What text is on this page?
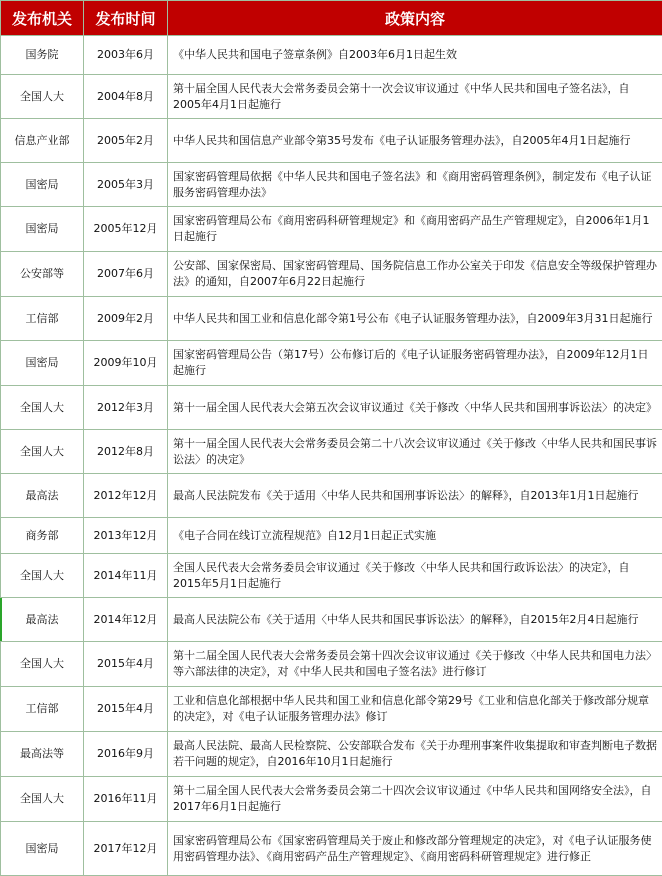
发布机关	发布时间	政策内容
国务院	2003年6月	《中华人民共和国电子签章条例》自2003年6月1日起生效
全国人大	2004年8月	第十届全国人民代表大会常务委员会第十一次会议审议通过《中华人民共和国电子签名法》，自2005年4月1日起施行
信息产业部	2005年2月	中华人民共和国信息产业部令第35号发布《电子认证服务管理办法》，自2005年4月1日起施行
国密局	2005年3月	国家密码管理局依据《中华人民共和国电子签名法》和《商用密码管理条例》，制定发布《电子认证服务密码管理办法》
国密局	2005年12月	国家密码管理局公布《商用密码科研管理规定》和《商用密码产品生产管理规定》，自2006年1月1日起施行
公安部等	2007年6月	公安部、国家保密局、国家密码管理局、国务院信息工作办公室关于印发《信息安全等级保护管理办法》的通知，自2007年6月22日起施行
工信部	2009年2月	中华人民共和国工业和信息化部令第1号公布《电子认证服务管理办法》，自2009年3月31日起施行
国密局	2009年10月	国家密码管理局公告（第17号）公布修订后的《电子认证服务密码管理办法》，自2009年12月1日起施行
全国人大	2012年3月	第十一届全国人民代表大会第五次会议审议通过《关于修改〈中华人民共和国刑事诉讼法〉的决定》
全国人大	2012年8月	第十一届全国人民代表大会常务委员会第二十八次会议审议通过《关于修改〈中华人民共和国民事诉讼法〉的决定》
最高法	2012年12月	最高人民法院发布《关于适用〈中华人民共和国刑事诉讼法〉的解释》，自2013年1月1日起施行
商务部	2013年12月	《电子合同在线订立流程规范》自12月1日起正式实施
全国人大	2014年11月	全国人民代表大会常务委员会审议通过《关于修改〈中华人民共和国行政诉讼法〉的决定》，自2015年5月1日起施行
最高法	2014年12月	最高人民法院公布《关于适用〈中华人民共和国民事诉讼法〉的解释》，自2015年2月4日起施行
全国人大	2015年4月	第十二届全国人民代表大会常务委员会第十四次会议审议通过《关于修改〈中华人民共和国电力法〉等六部法律的决定》，对《中华人民共和国电子签名法》进行修订
工信部	2015年4月	工业和信息化部根据中华人民共和国工业和信息化部令第29号《工业和信息化部关于修改部分规章的决定》，对《电子认证服务管理办法》修订
最高法等	2016年9月	最高人民法院、最高人民检察院、公安部联合发布《关于办理刑事案件收集提取和审查判断电子数据若干问题的规定》，自2016年10月1日起施行
全国人大	2016年11月	第十二届全国人民代表大会常务委员会第二十四次会议审议通过《中华人民共和国网络安全法》，自2017年6月1日起施行
国密局	2017年12月	国家密码管理局公布《国家密码管理局关于废止和修改部分管理规定的决定》，对《电子认证服务使用密码管理办法》、《商用密码产品生产管理规定》、《商用密码科研管理规定》进行修正
